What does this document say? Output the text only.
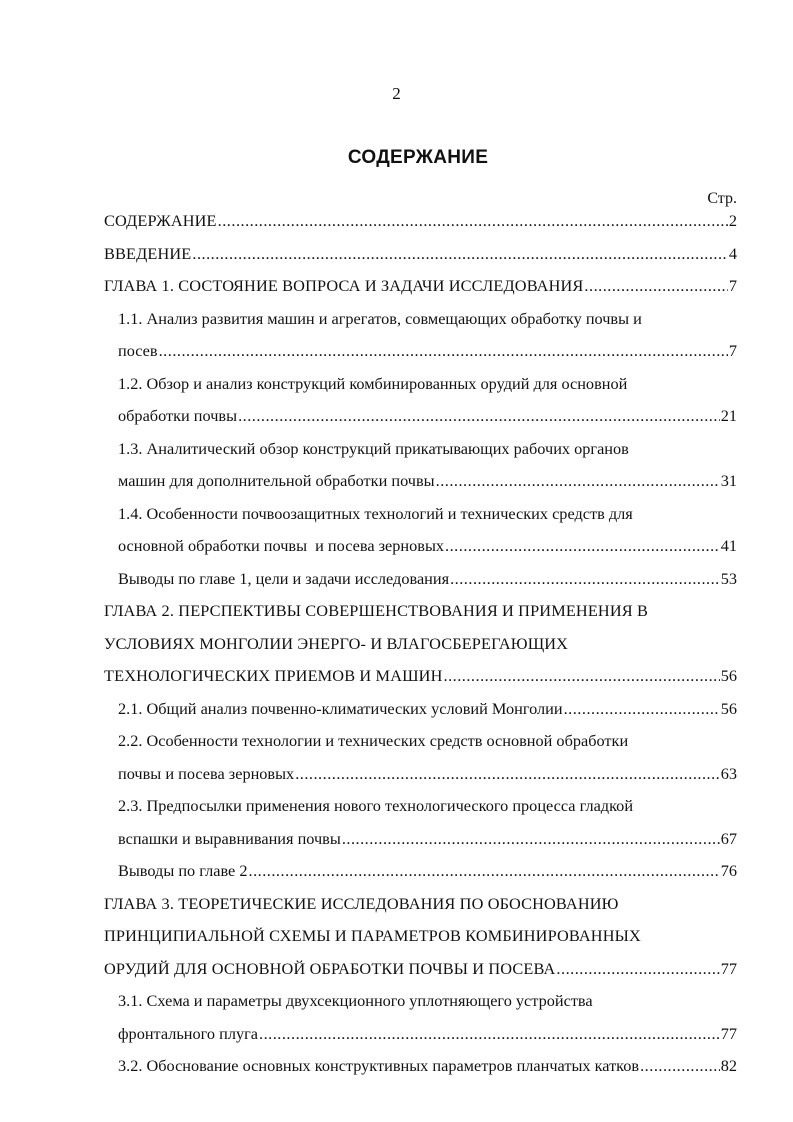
2
СОДЕРЖАНИЕ
Стр.
СОДЕРЖАНИЕ .....	2
ВВЕДЕНИЕ .....	4
ГЛАВА 1. СОСТОЯНИЕ ВОПРОСА И ЗАДАЧИ ИССЛЕДОВАНИЯ .....	7
1.1. Анализ развития машин и агрегатов, совмещающих обработку почвы и
посев .....	7
1.2. Обзор и анализ конструкций комбинированных орудий для основной
обработки почвы .....	21
1.3. Аналитический обзор конструкций прикатывающих рабочих органов
машин для дополнительной обработки почвы .....	31
1.4. Особенности почвоозащитных технологий и технических средств для
основной обработки почвы  и посева зерновых .....	41
Выводы по главе 1, цели и задачи исследования .....	53
ГЛАВА 2. ПЕРСПЕКТИВЫ СОВЕРШЕНСТВОВАНИЯ И ПРИМЕНЕНИЯ В
УСЛОВИЯХ МОНГОЛИИ ЭНЕРГО- И ВЛАГОСБЕРЕГАЮЩИХ
ТЕХНОЛОГИЧЕСКИХ ПРИЕМОВ И МАШИН .....	56
2.1. Общий анализ почвенно-климатических условий Монголии .....	56
2.2. Особенности технологии и технических средств основной обработки
почвы и посева зерновых .....	63
2.3. Предпосылки применения нового технологического процесса гладкой
вспашки и выравнивания почвы .....	67
Выводы по главе 2 .....	76
ГЛАВА 3. ТЕОРЕТИЧЕСКИЕ ИССЛЕДОВАНИЯ ПО ОБОСНОВАНИЮ
ПРИНЦИПИАЛЬНОЙ СХЕМЫ И ПАРАМЕТРОВ КОМБИНИРОВАННЫХ
ОРУДИЙ ДЛЯ ОСНОВНОЙ ОБРАБОТКИ ПОЧВЫ И ПОСЕВА .....	77
3.1. Схема и параметры двухсекционного уплотняющего устройства
фронтального плуга .....	77
3.2. Обоснование основных конструктивных параметров планчатых катков .....	82
